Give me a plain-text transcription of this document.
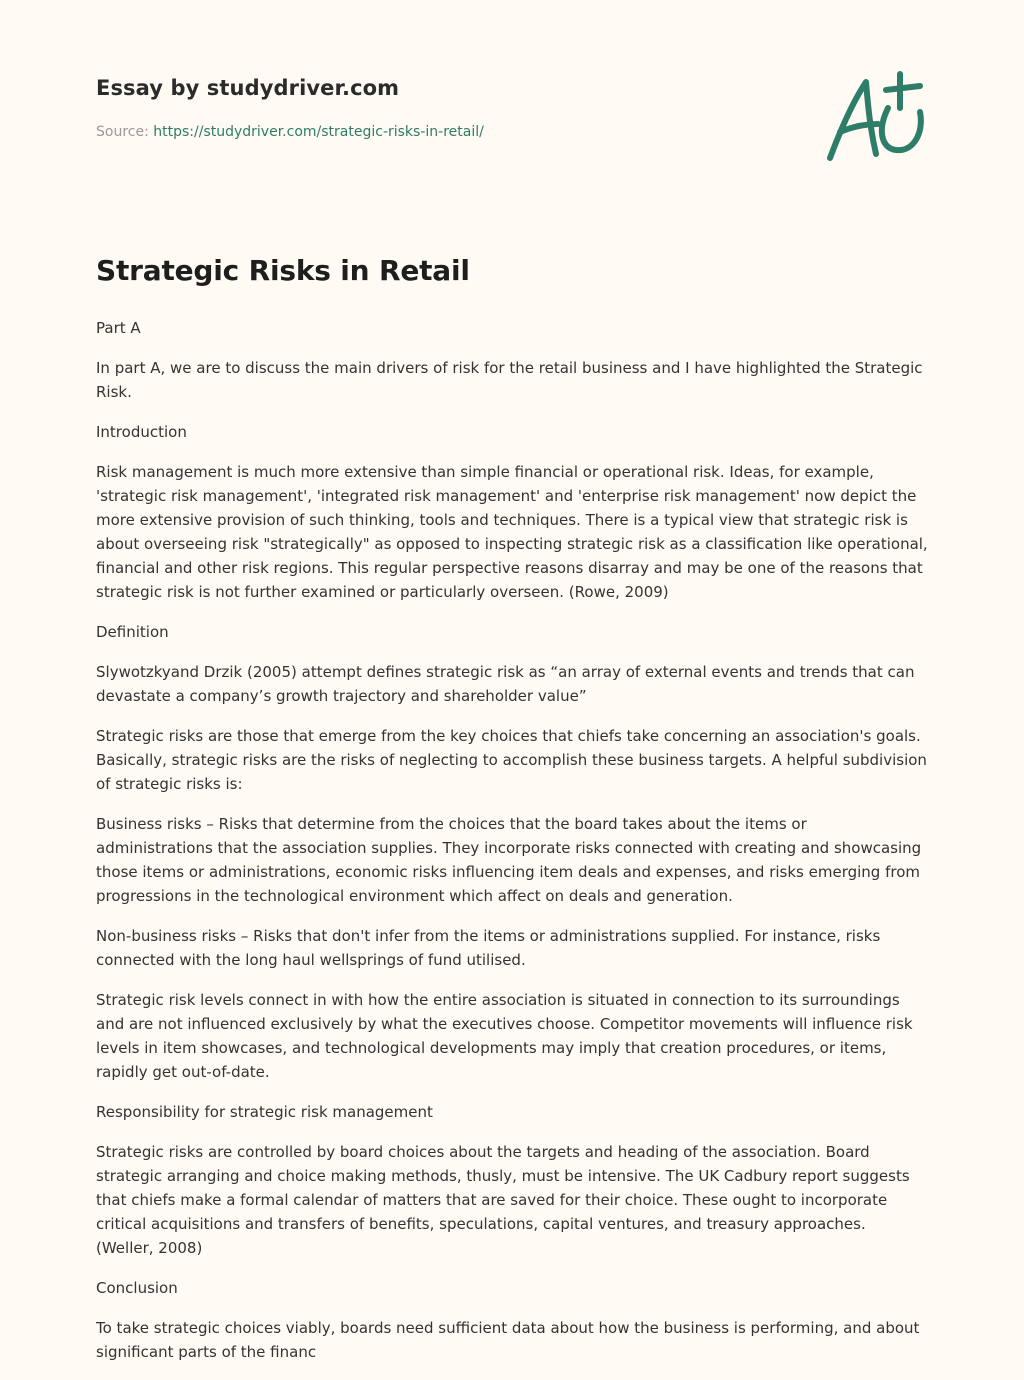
Essay by studydriver.com
Source: https://studydriver.com/strategic-risks-in-retail/
Strategic Risks in Retail

Part A

In part A, we are to discuss the main drivers of risk for the retail business and I have highlighted the Strategic Risk.

Introduction

Risk management is much more extensive than simple financial or operational risk. Ideas, for example, 'strategic risk management', 'integrated risk management' and 'enterprise risk management' now depict the more extensive provision of such thinking, tools and techniques. There is a typical view that strategic risk is about overseeing risk "strategically" as opposed to inspecting strategic risk as a classification like operational, financial and other risk regions. This regular perspective reasons disarray and may be one of the reasons that strategic risk is not further examined or particularly overseen. (Rowe, 2009)

Definition

Slywotzkyand Drzik (2005) attempt defines strategic risk as “an array of external events and trends that can devastate a company’s growth trajectory and shareholder value”

Strategic risks are those that emerge from the key choices that chiefs take concerning an association's goals. Basically, strategic risks are the risks of neglecting to accomplish these business targets. A helpful subdivision of strategic risks is:

Business risks – Risks that determine from the choices that the board takes about the items or administrations that the association supplies. They incorporate risks connected with creating and showcasing those items or administrations, economic risks influencing item deals and expenses, and risks emerging from progressions in the technological environment which affect on deals and generation.

Non-business risks – Risks that don't infer from the items or administrations supplied. For instance, risks connected with the long haul wellsprings of fund utilised.

Strategic risk levels connect in with how the entire association is situated in connection to its surroundings and are not influenced exclusively by what the executives choose. Competitor movements will influence risk levels in item showcases, and technological developments may imply that creation procedures, or items, rapidly get out-of-date.

Responsibility for strategic risk management

Strategic risks are controlled by board choices about the targets and heading of the association. Board strategic arranging and choice making methods, thusly, must be intensive. The UK Cadbury report suggests that chiefs make a formal calendar of matters that are saved for their choice. These ought to incorporate critical acquisitions and transfers of benefits, speculations, capital ventures, and treasury approaches. (Weller, 2008)

Conclusion

To take strategic choices viably, boards need sufficient data about how the business is performing, and about significant parts of the financ
